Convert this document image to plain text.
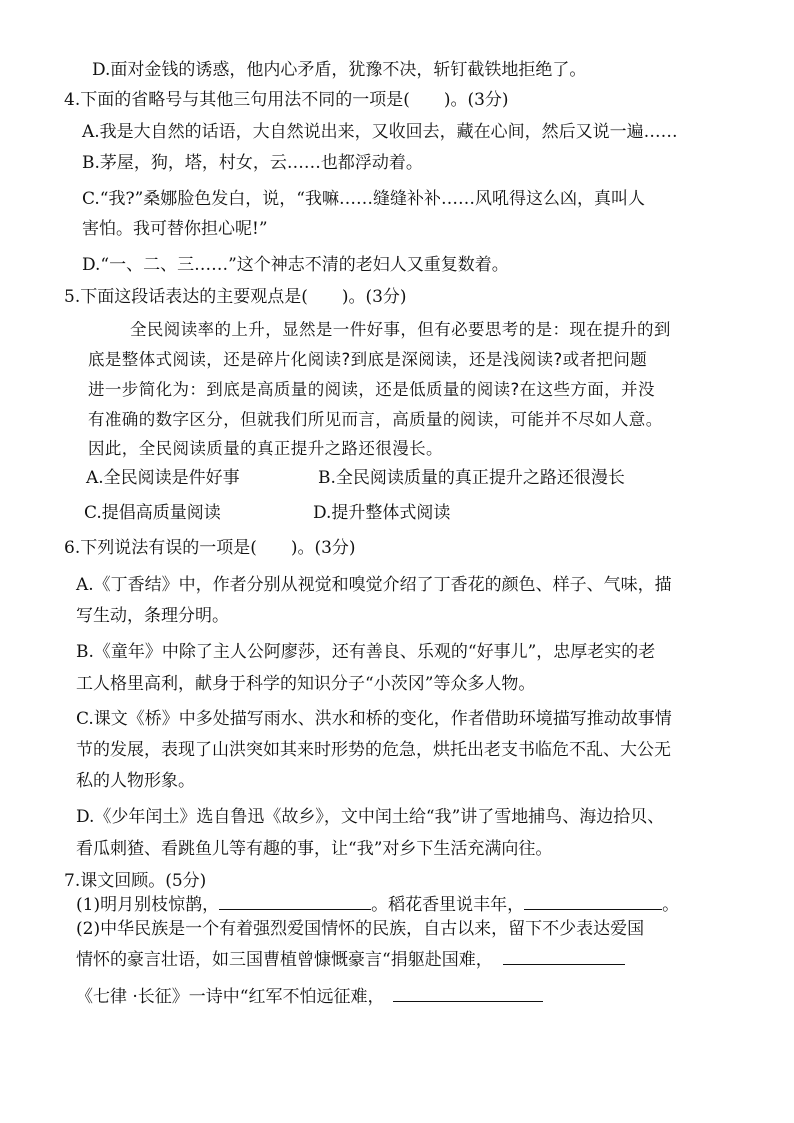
D.面对金钱的诱惑，他内心矛盾，犹豫不决，斩钉截铁地拒绝了。
4.下面的省略号与其他三句用法不同的一项是(　　)。(3分)
A.我是大自然的话语，大自然说出来，又收回去，藏在心间，然后又说一遍……
B.茅屋，狗，塔，村女，云……也都浮动着。
C.“我?”桑娜脸色发白，说，“我嘛……缝缝补补……风吼得这么凶，真叫人
害怕。我可替你担心呢!”
D.“一、二、三……”这个神志不清的老妇人又重复数着。
5.下面这段话表达的主要观点是(　　)。(3分)
全民阅读率的上升，显然是一件好事，但有必要思考的是：现在提升的到
底是整体式阅读，还是碎片化阅读?到底是深阅读，还是浅阅读?或者把问题
进一步简化为：到底是高质量的阅读，还是低质量的阅读?在这些方面，并没
有准确的数字区分，但就我们所见而言，高质量的阅读，可能并不尽如人意。
因此，全民阅读质量的真正提升之路还很漫长。
A.全民阅读是件好事	B.全民阅读质量的真正提升之路还很漫长
C.提倡高质量阅读	D.提升整体式阅读
6.下列说法有误的一项是(　　)。(3分)
A.《丁香结》中，作者分别从视觉和嗅觉介绍了丁香花的颜色、样子、气味，描
写生动，条理分明。
B.《童年》中除了主人公阿廖莎，还有善良、乐观的“好事儿”，忠厚老实的老
工人格里高利，献身于科学的知识分子“小茨冈”等众多人物。
C.课文《桥》中多处描写雨水、洪水和桥的变化，作者借助环境描写推动故事情
节的发展，表现了山洪突如其来时形势的危急，烘托出老支书临危不乱、大公无
私的人物形象。
D.《少年闰土》选自鲁迅《故乡》，文中闰土给“我”讲了雪地捕鸟、海边拾贝、
看瓜刺猹、看跳鱼儿等有趣的事，让“我”对乡下生活充满向往。
7.课文回顾。(5分)
(1)明月别枝惊鹊，	。稻花香里说丰年，	。
(2)中华民族是一个有着强烈爱国情怀的民族，自古以来，留下不少表达爱国
情怀的豪言壮语，如三国曹植曾慷慨豪言“捐躯赴国难，
《七律 ·长征》一诗中“红军不怕远征难，
